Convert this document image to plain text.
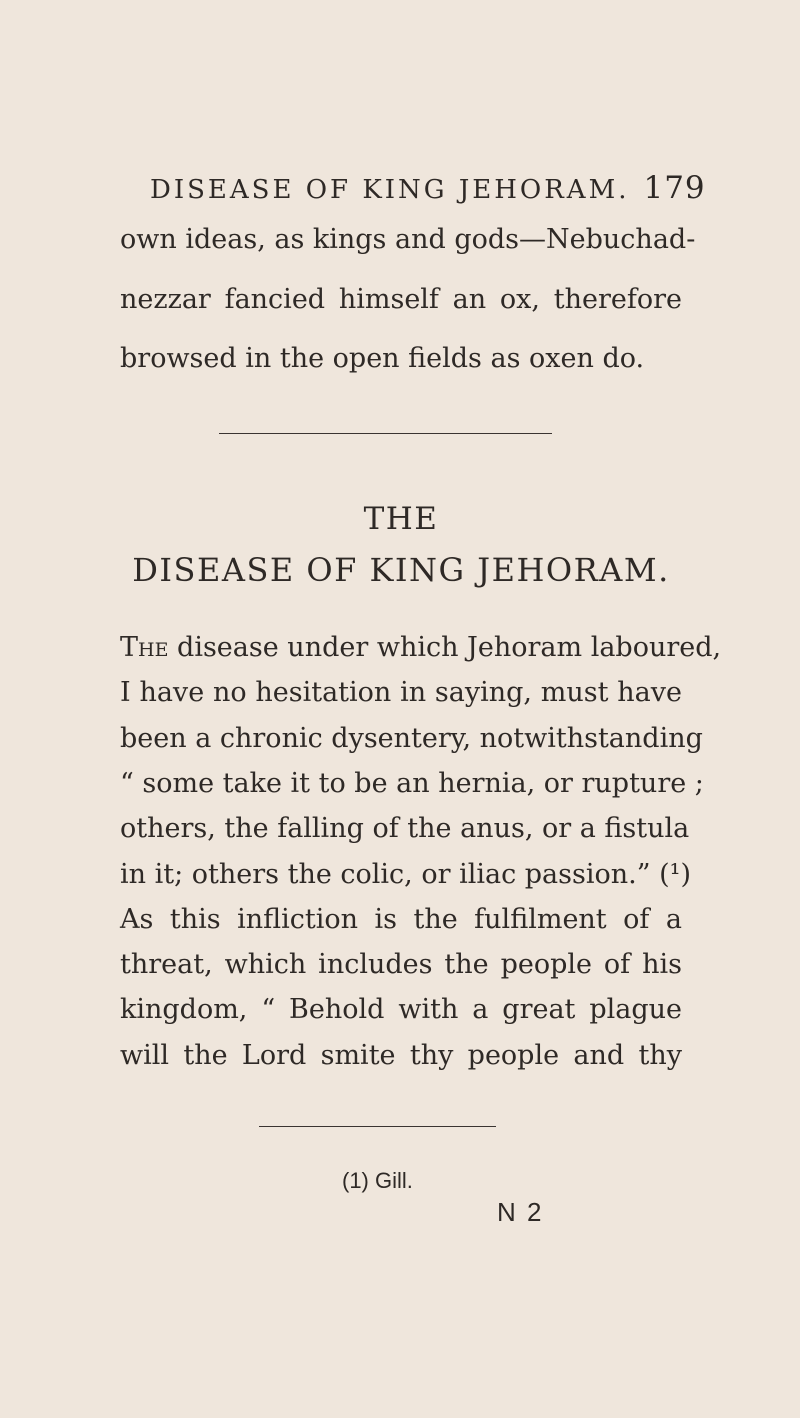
DISEASE OF KING JEHORAM. 179
own ideas, as kings and gods—Nebuchad-
nezzar fancied himself an ox, therefore
browsed in the open fields as oxen do.
THE
DISEASE OF KING JEHORAM.
The disease under which Jehoram laboured,
I have no hesitation in saying, must have
been a chronic dysentery, notwithstanding
“ some take it to be an hernia, or rupture ;
others, the falling of the anus, or a fistula
in it; others the colic, or iliac passion.” (¹)
As this infliction is the fulfilment of a
threat, which includes the people of his
kingdom, “ Behold with a great plague
will the Lord smite thy people and thy
(1) Gill.
N 2
